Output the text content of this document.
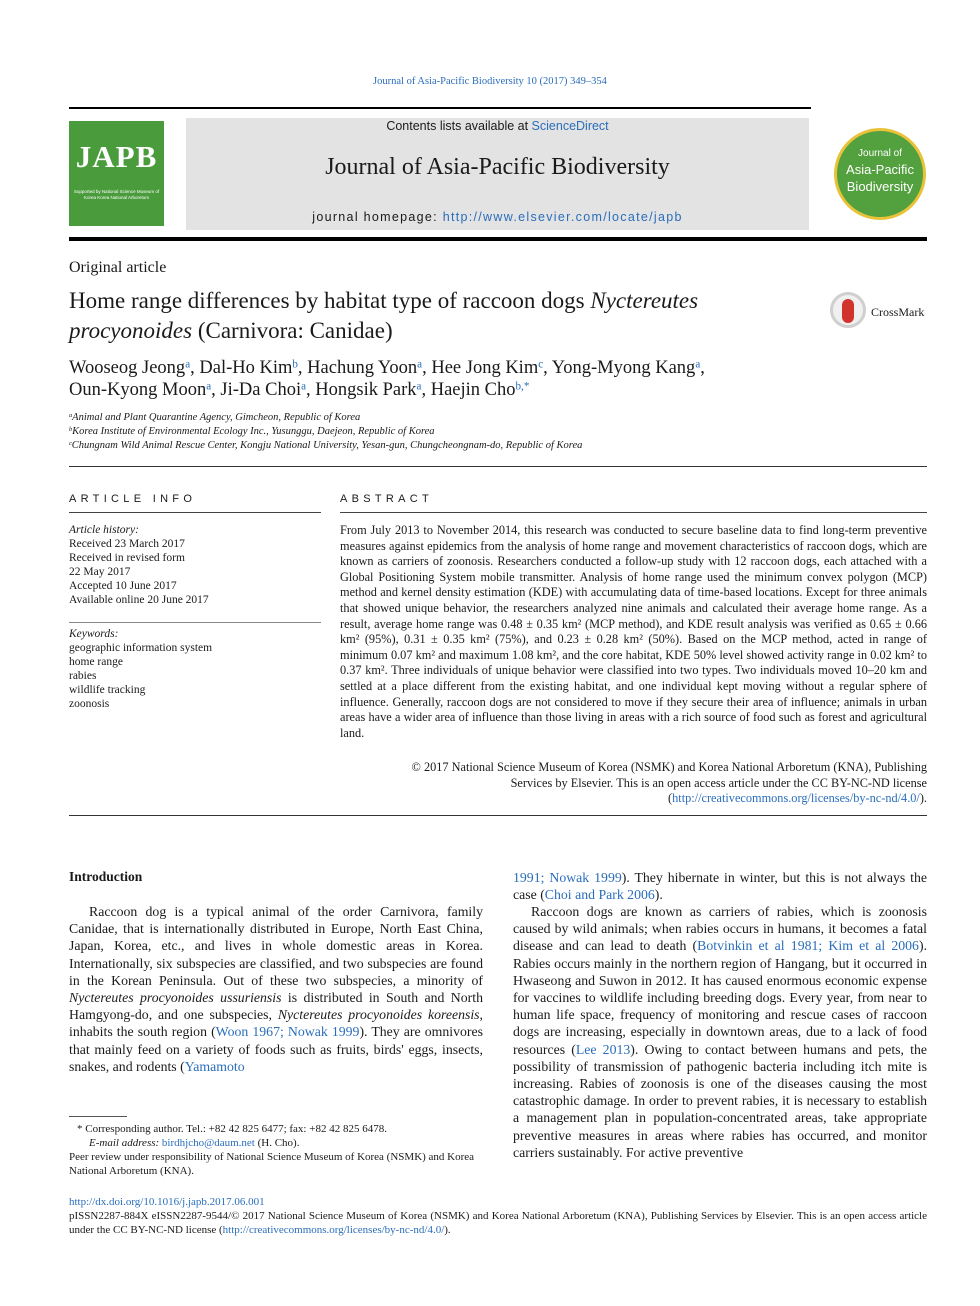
Journal of Asia-Pacific Biodiversity 10 (2017) 349–354
JAPB
Supported by National Science Museum of Korea Korea National Arboretum
Contents lists available at ScienceDirect
Journal of Asia-Pacific Biodiversity
journal homepage: http://www.elsevier.com/locate/japb
Journal of
Asia-Pacific
Biodiversity
Original article
Home range differences by habitat type of raccoon dogs Nyctereutes procyonoides (Carnivora: Canidae)
CrossMark
Wooseog Jeong$^a$, Dal-Ho Kim$^b$, Hachung Yoon$^a$, Hee Jong Kim$^c$, Yong-Myong Kang$^a$,
Oun-Kyong Moon$^a$, Ji-Da Choi$^a$, Hongsik Park$^a$, Haejin Cho$^{b,*}$
$^a$Animal and Plant Quarantine Agency, Gimcheon, Republic of Korea
$^b$Korea Institute of Environmental Ecology Inc., Yusunggu, Daejeon, Republic of Korea
$^c$Chungnam Wild Animal Rescue Center, Kongju National University, Yesan-gun, Chungcheongnam-do, Republic of Korea
ARTICLE INFO	ABSTRACT
Article history:
Received 23 March 2017
Received in revised form
22 May 2017
Accepted 10 June 2017
Available online 20 June 2017
Keywords:
geographic information system
home range
rabies
wildlife tracking
zoonosis
From July 2013 to November 2014, this research was conducted to secure baseline data to find long-term preventive measures against epidemics from the analysis of home range and movement characteristics of raccoon dogs, which are known as carriers of zoonosis. Researchers conducted a follow-up study with 12 raccoon dogs, each attached with a Global Positioning System mobile transmitter. Analysis of home range used the minimum convex polygon (MCP) method and kernel density estimation (KDE) with accumulating data of time-based locations. Except for three animals that showed unique behavior, the researchers analyzed nine animals and calculated their average home range. As a result, average home range was 0.48 ± 0.35 km² (MCP method), and KDE result analysis was verified as 0.65 ± 0.66 km² (95%), 0.31 ± 0.35 km² (75%), and 0.23 ± 0.28 km² (50%). Based on the MCP method, acted in range of minimum 0.07 km² and maximum 1.08 km², and the core habitat, KDE 50% level showed activity range in 0.02 km² to 0.37 km². Three individuals of unique behavior were classified into two types. Two individuals moved 10–20 km and settled at a place different from the existing habitat, and one individual kept moving without a regular sphere of influence. Generally, raccoon dogs are not considered to move if they secure their area of influence; animals in urban areas have a wider area of influence than those living in areas with a rich source of food such as forest and agricultural land.
© 2017 National Science Museum of Korea (NSMK) and Korea National Arboretum (KNA), Publishing
Services by Elsevier. This is an open access article under the CC BY-NC-ND license (http://creativecommons.org/licenses/by-nc-nd/4.0/).
Introduction
Raccoon dog is a typical animal of the order Carnivora, family Canidae, that is internationally distributed in Europe, North East China, Japan, Korea, etc., and lives in whole domestic areas in Korea. Internationally, six subspecies are classified, and two subspecies are found in the Korean Peninsula. Out of these two subspecies, a minority of Nyctereutes procyonoides ussuriensis is distributed in South and North Hamgyong-do, and one subspecies, Nyctereutes procyonoides koreensis, inhabits the south region (Woon 1967; Nowak 1999). They are omnivores that mainly feed on a variety of foods such as fruits, birds' eggs, insects, snakes, and rodents (Yamamoto
1991; Nowak 1999). They hibernate in winter, but this is not always the case (Choi and Park 2006).
Raccoon dogs are known as carriers of rabies, which is zoonosis caused by wild animals; when rabies occurs in humans, it becomes a fatal disease and can lead to death (Botvinkin et al 1981; Kim et al 2006). Rabies occurs mainly in the northern region of Hangang, but it occurred in Hwaseong and Suwon in 2012. It has caused enormous economic expense for vaccines to wildlife including breeding dogs. Every year, from near to human life space, frequency of monitoring and rescue cases of raccoon dogs are increasing, especially in downtown areas, due to a lack of food resources (Lee 2013). Owing to contact between humans and pets, the possibility of transmission of pathogenic bacteria including itch mite is increasing. Rabies of zoonosis is one of the diseases causing the most catastrophic damage. In order to prevent rabies, it is necessary to establish a management plan in population-concentrated areas, take appropriate preventive measures in areas where rabies has occurred, and monitor carriers sustainably. For active preventive
* Corresponding author. Tel.: +82 42 825 6477; fax: +82 42 825 6478.
E-mail address: birdhjcho@daum.net (H. Cho).
Peer review under responsibility of National Science Museum of Korea (NSMK) and Korea National Arboretum (KNA).
http://dx.doi.org/10.1016/j.japb.2017.06.001
pISSN2287-884X eISSN2287-9544/© 2017 National Science Museum of Korea (NSMK) and Korea National Arboretum (KNA), Publishing Services by Elsevier. This is an open access article under the CC BY-NC-ND license (http://creativecommons.org/licenses/by-nc-nd/4.0/).
